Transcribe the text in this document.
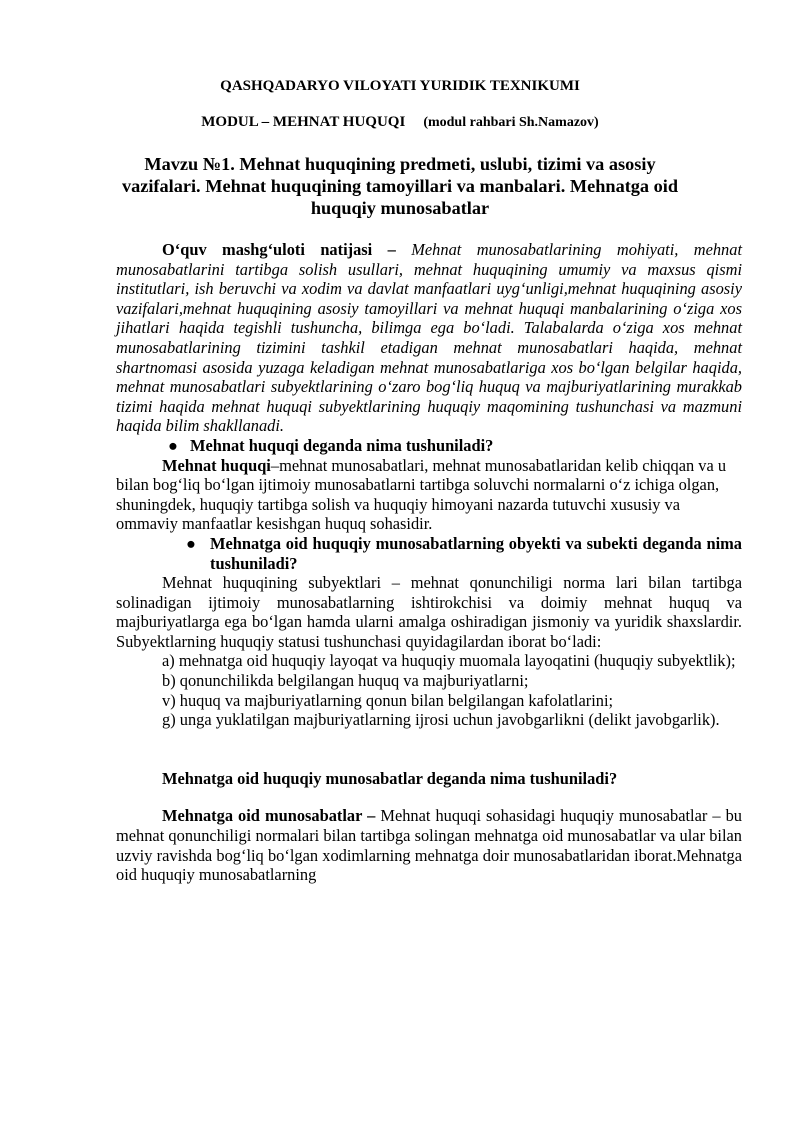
QASHQADARYO VILOYATI YURIDIK TEXNIKUMI

MODUL – MEHNAT HUQUQI (modul rahbari Sh.Namazov)

Mavzu №1. Mehnat huquqining predmeti, uslubi, tizimi va asosiy vazifalari. Mehnat huquqining tamoyillari va manbalari. Mehnatga oid huquqiy munosabatlar

O‘quv mashg‘uloti natijasi – Mehnat munosabatlarining mohiyati, mehnat munosabatlarini tartibga solish usullari, mehnat huquqining umumiy va maxsus qismi institutlari, ish beruvchi va xodim va davlat manfaatlari uyg‘unligi,mehnat huquqining asosiy vazifalari,mehnat huquqining asosiy tamoyillari va mehnat huquqi manbalarining o‘ziga xos jihatlari haqida tegishli tushuncha, bilimga ega bo‘ladi. Talabalarda o‘ziga xos mehnat munosabatlarining tizimini tashkil etadigan mehnat munosabatlari haqida, mehnat shartnomasi asosida yuzaga keladigan mehnat munosabatlariga xos bo‘lgan belgilar haqida, mehnat munosabatlari subyektlarining o‘zaro bog‘liq huquq va majburiyatlarining murakkab tizimi haqida mehnat huquqi subyektlarining huquqiy maqomining tushunchasi va mazmuni haqida bilim shakllanadi.

● Mehnat huquqi deganda nima tushuniladi?

Mehnat huquqi–mehnat munosabatlari, mehnat munosabatlaridan kelib chiqqan va u bilan bog‘liq bo‘lgan ijtimoiy munosabatlarni tartibga soluvchi normalarni o‘z ichiga olgan, shuningdek, huquqiy tartibga solish va huquqiy himoyani nazarda tutuvchi xususiy va ommaviy manfaatlar kesishgan huquq sohasidir.

● Mehnatga oid huquqiy munosabatlarning obyekti va subekti deganda nima tushuniladi?

Mehnat huquqining subyektlari – mehnat qonunchiligi norma lari bilan tartibga solinadigan ijtimoiy munosabatlarning ishtirokchisi va doimiy mehnat huquq va majburiyatlarga ega bo‘lgan hamda ularni amalga oshiradigan jismoniy va yuridik shaxslardir. Subyektlarning huquqiy statusi tushunchasi quyidagilardan iborat bo‘ladi:

a) mehnatga oid huquqiy layoqat va huquqiy muomala layoqatini (huquqiy subyektlik);

b) qonunchilikda belgilangan huquq va majburiyatlarni;

v) huquq va majburiyatlarning qonun bilan belgilangan kafolatlarini;

g) unga yuklatilgan majburiyatlarning ijrosi uchun javobgarlikni (delikt javobgarlik).

Mehnatga oid huquqiy munosabatlar deganda nima tushuniladi?

Mehnatga oid munosabatlar – Mehnat huquqi sohasidagi huquqiy munosabatlar – bu mehnat qonunchiligi normalari bilan tartibga solingan mehnatga oid munosabatlar va ular bilan uzviy ravishda bog‘liq bo‘lgan xodimlarning mehnatga doir munosabatlaridan iborat.Mehnatga oid huquqiy munosabatlarning
